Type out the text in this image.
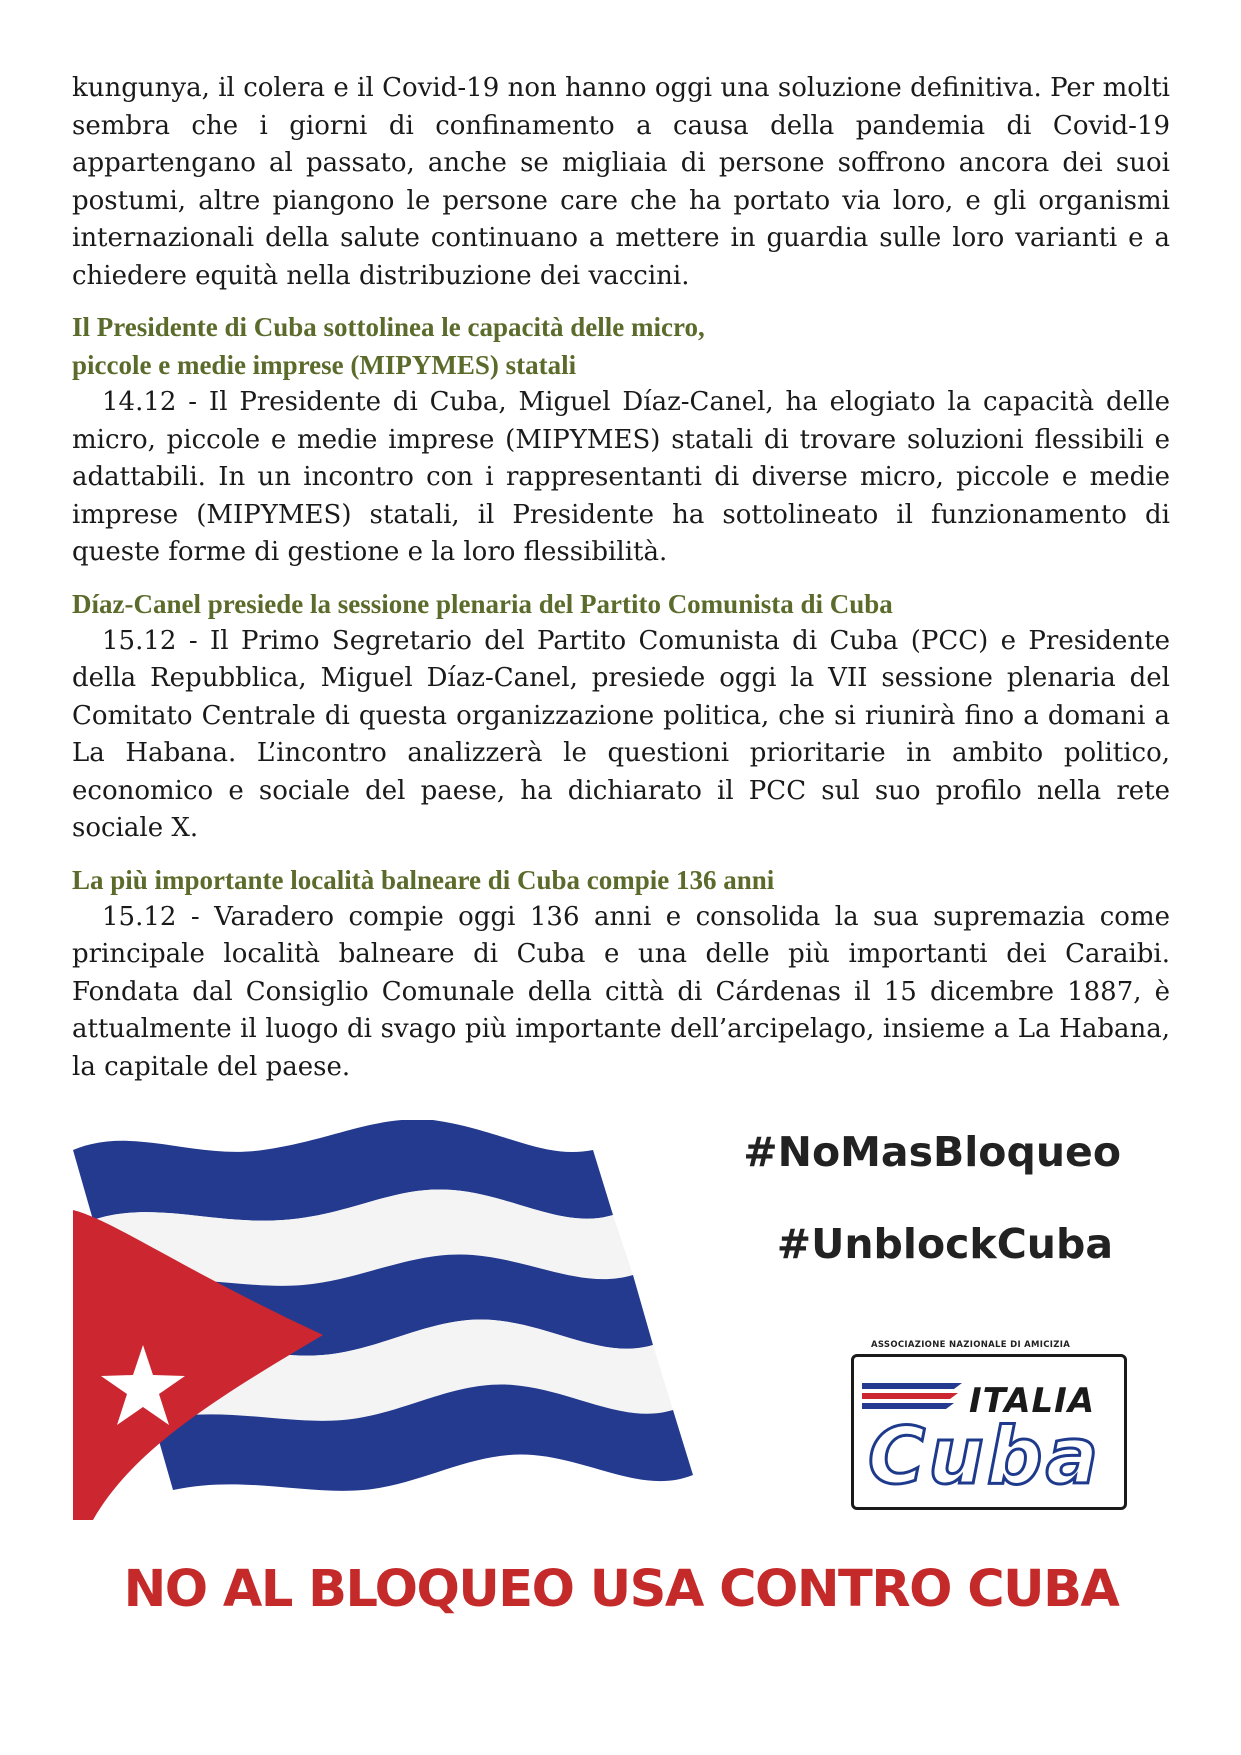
kungunya, il colera e il Covid-19 non hanno oggi una soluzione definitiva. Per molti sembra che i giorni di confinamento a causa della pandemia di Covid-19 appartengano al passato, anche se migliaia di persone soffrono ancora dei suoi postumi, altre piangono le persone care che ha portato via loro, e gli organismi internazionali della salute continuano a mettere in guardia sulle loro varianti e a chiedere equità nella distribuzione dei vaccini.

Il Presidente di Cuba sottolinea le capacità delle micro,
piccole e medie imprese (MIPYMES) statali

14.12 - Il Presidente di Cuba, Miguel Díaz-Canel, ha elogiato la capacità delle micro, piccole e medie imprese (MIPYMES) statali di trovare soluzioni flessibili e adattabili. In un incontro con i rappresentanti di diverse micro, piccole e medie imprese (MIPYMES) statali, il Presidente ha sottolineato il funzionamento di queste forme di gestione e la loro flessibilità.

Díaz-Canel presiede la sessione plenaria del Partito Comunista di Cuba

15.12 - Il Primo Segretario del Partito Comunista di Cuba (PCC) e Presidente della Repubblica, Miguel Díaz-Canel, presiede oggi la VII sessione plenaria del Comitato Centrale di questa organizzazione politica, che si riunirà fino a domani a La Habana. L’incontro analizzerà le questioni prioritarie in ambito politico, economico e sociale del paese, ha dichiarato il PCC sul suo profilo nella rete sociale X.

La più importante località balneare di Cuba compie 136 anni

15.12 - Varadero compie oggi 136 anni e consolida la sua supremazia come principale località balneare di Cuba e una delle più importanti dei Caraibi. Fondata dal Consiglio Comunale della città di Cárdenas il 15 dicembre 1887, è attualmente il luogo di svago più importante dell’arcipelago, insieme a La Habana, la capitale del paese.

#NoMasBloqueo
#UnblockCuba
ASSOCIAZIONE NAZIONALE DI AMICIZIA
ITALIA
Cuba
NO AL BLOQUEO USA CONTRO CUBA
